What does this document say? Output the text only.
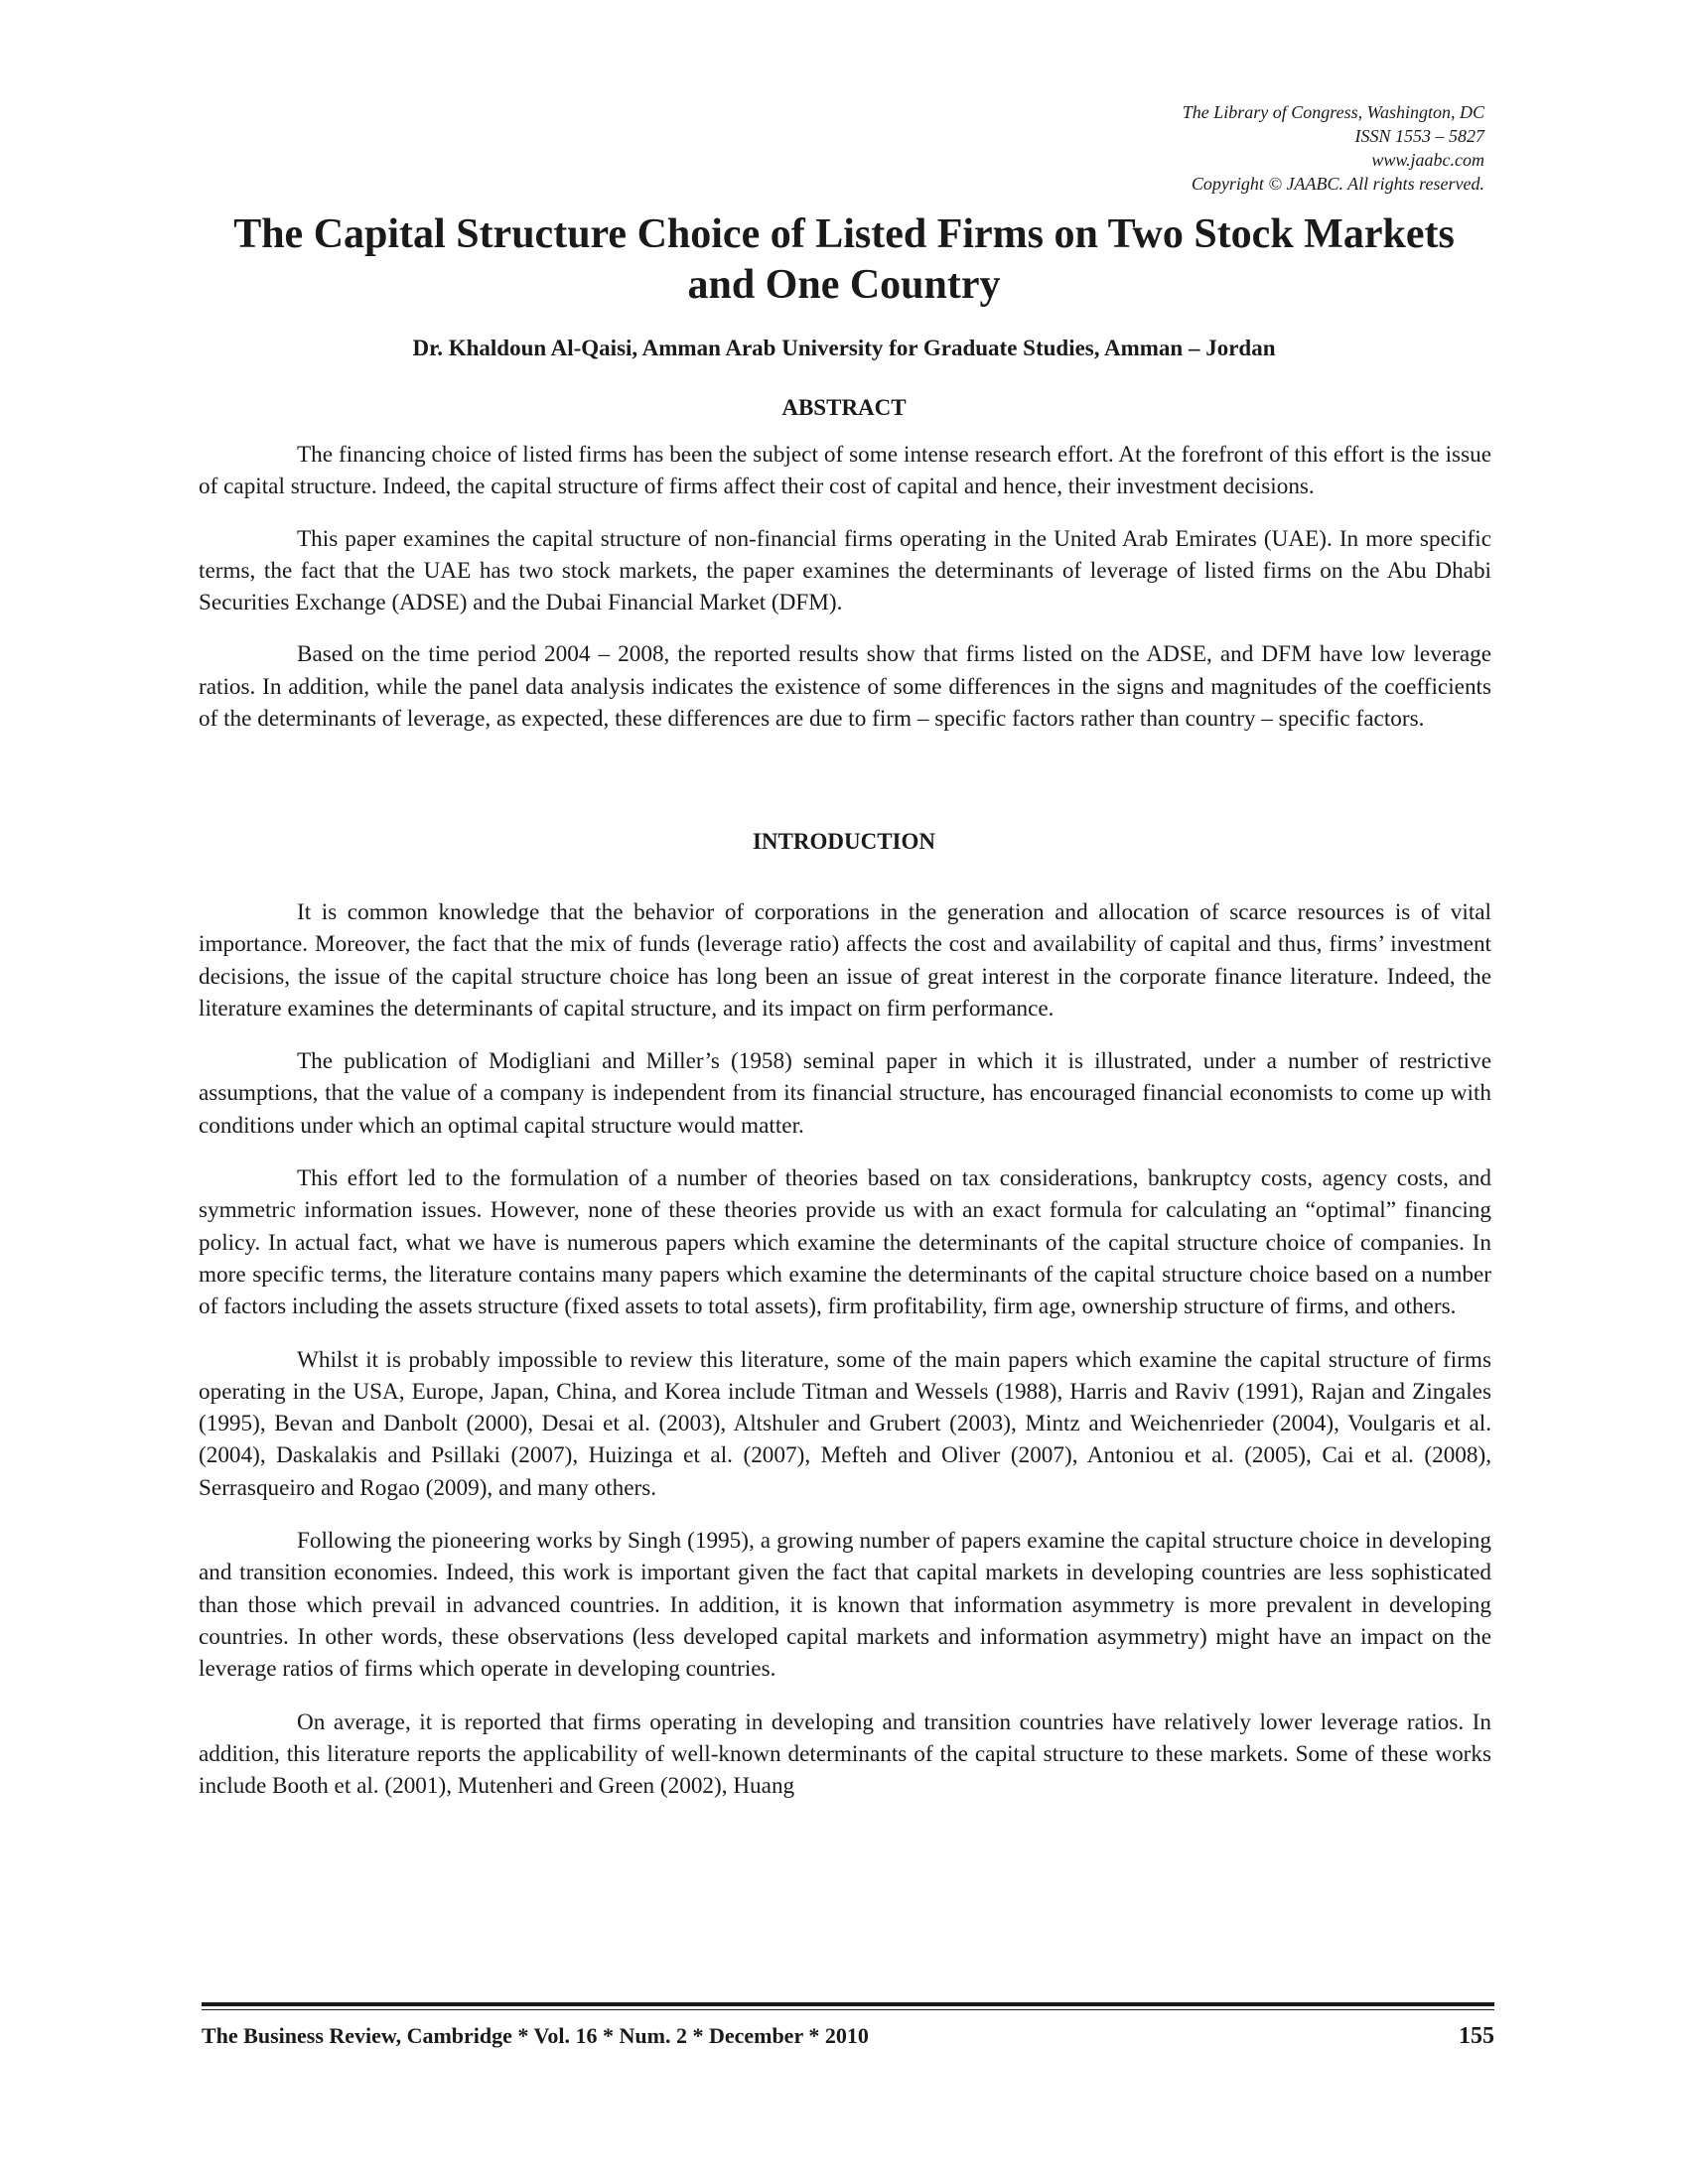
The Library of Congress, Washington, DC
ISSN 1553 – 5827
www.jaabc.com
Copyright © JAABC. All rights reserved.
The Capital Structure Choice of Listed Firms on Two Stock Markets and One Country

Dr. Khaldoun Al-Qaisi, Amman Arab University for Graduate Studies, Amman – Jordan

ABSTRACT

The financing choice of listed firms has been the subject of some intense research effort. At the forefront of this effort is the issue of capital structure. Indeed, the capital structure of firms affect their cost of capital and hence, their investment decisions.

This paper examines the capital structure of non-financial firms operating in the United Arab Emirates (UAE). In more specific terms, the fact that the UAE has two stock markets, the paper examines the determinants of leverage of listed firms on the Abu Dhabi Securities Exchange (ADSE) and the Dubai Financial Market (DFM).

Based on the time period 2004 – 2008, the reported results show that firms listed on the ADSE, and DFM have low leverage ratios. In addition, while the panel data analysis indicates the existence of some differences in the signs and magnitudes of the coefficients of the determinants of leverage, as expected, these differences are due to firm – specific factors rather than country – specific factors.

INTRODUCTION

It is common knowledge that the behavior of corporations in the generation and allocation of scarce resources is of vital importance. Moreover, the fact that the mix of funds (leverage ratio) affects the cost and availability of capital and thus, firms’ investment decisions, the issue of the capital structure choice has long been an issue of great interest in the corporate finance literature. Indeed, the literature examines the determinants of capital structure, and its impact on firm performance.

The publication of Modigliani and Miller’s (1958) seminal paper in which it is illustrated, under a number of restrictive assumptions, that the value of a company is independent from its financial structure, has encouraged financial economists to come up with conditions under which an optimal capital structure would matter.

This effort led to the formulation of a number of theories based on tax considerations, bankruptcy costs, agency costs, and symmetric information issues. However, none of these theories provide us with an exact formula for calculating an “optimal” financing policy. In actual fact, what we have is numerous papers which examine the determinants of the capital structure choice of companies. In more specific terms, the literature contains many papers which examine the determinants of the capital structure choice based on a number of factors including the assets structure (fixed assets to total assets), firm profitability, firm age, ownership structure of firms, and others.

Whilst it is probably impossible to review this literature, some of the main papers which examine the capital structure of firms operating in the USA, Europe, Japan, China, and Korea include Titman and Wessels (1988), Harris and Raviv (1991), Rajan and Zingales (1995), Bevan and Danbolt (2000), Desai et al. (2003), Altshuler and Grubert (2003), Mintz and Weichenrieder (2004), Voulgaris et al. (2004), Daskalakis and Psillaki (2007), Huizinga et al. (2007), Mefteh and Oliver (2007), Antoniou et al. (2005), Cai et al. (2008), Serrasqueiro and Rogao (2009), and many others.

Following the pioneering works by Singh (1995), a growing number of papers examine the capital structure choice in developing and transition economies. Indeed, this work is important given the fact that capital markets in developing countries are less sophisticated than those which prevail in advanced countries. In addition, it is known that information asymmetry is more prevalent in developing countries. In other words, these observations (less developed capital markets and information asymmetry) might have an impact on the leverage ratios of firms which operate in developing countries.

On average, it is reported that firms operating in developing and transition countries have relatively lower leverage ratios. In addition, this literature reports the applicability of well-known determinants of the capital structure to these markets. Some of these works include Booth et al. (2001), Mutenheri and Green (2002), Huang

The Business Review, Cambridge * Vol. 16 * Num. 2 * December * 2010	155
